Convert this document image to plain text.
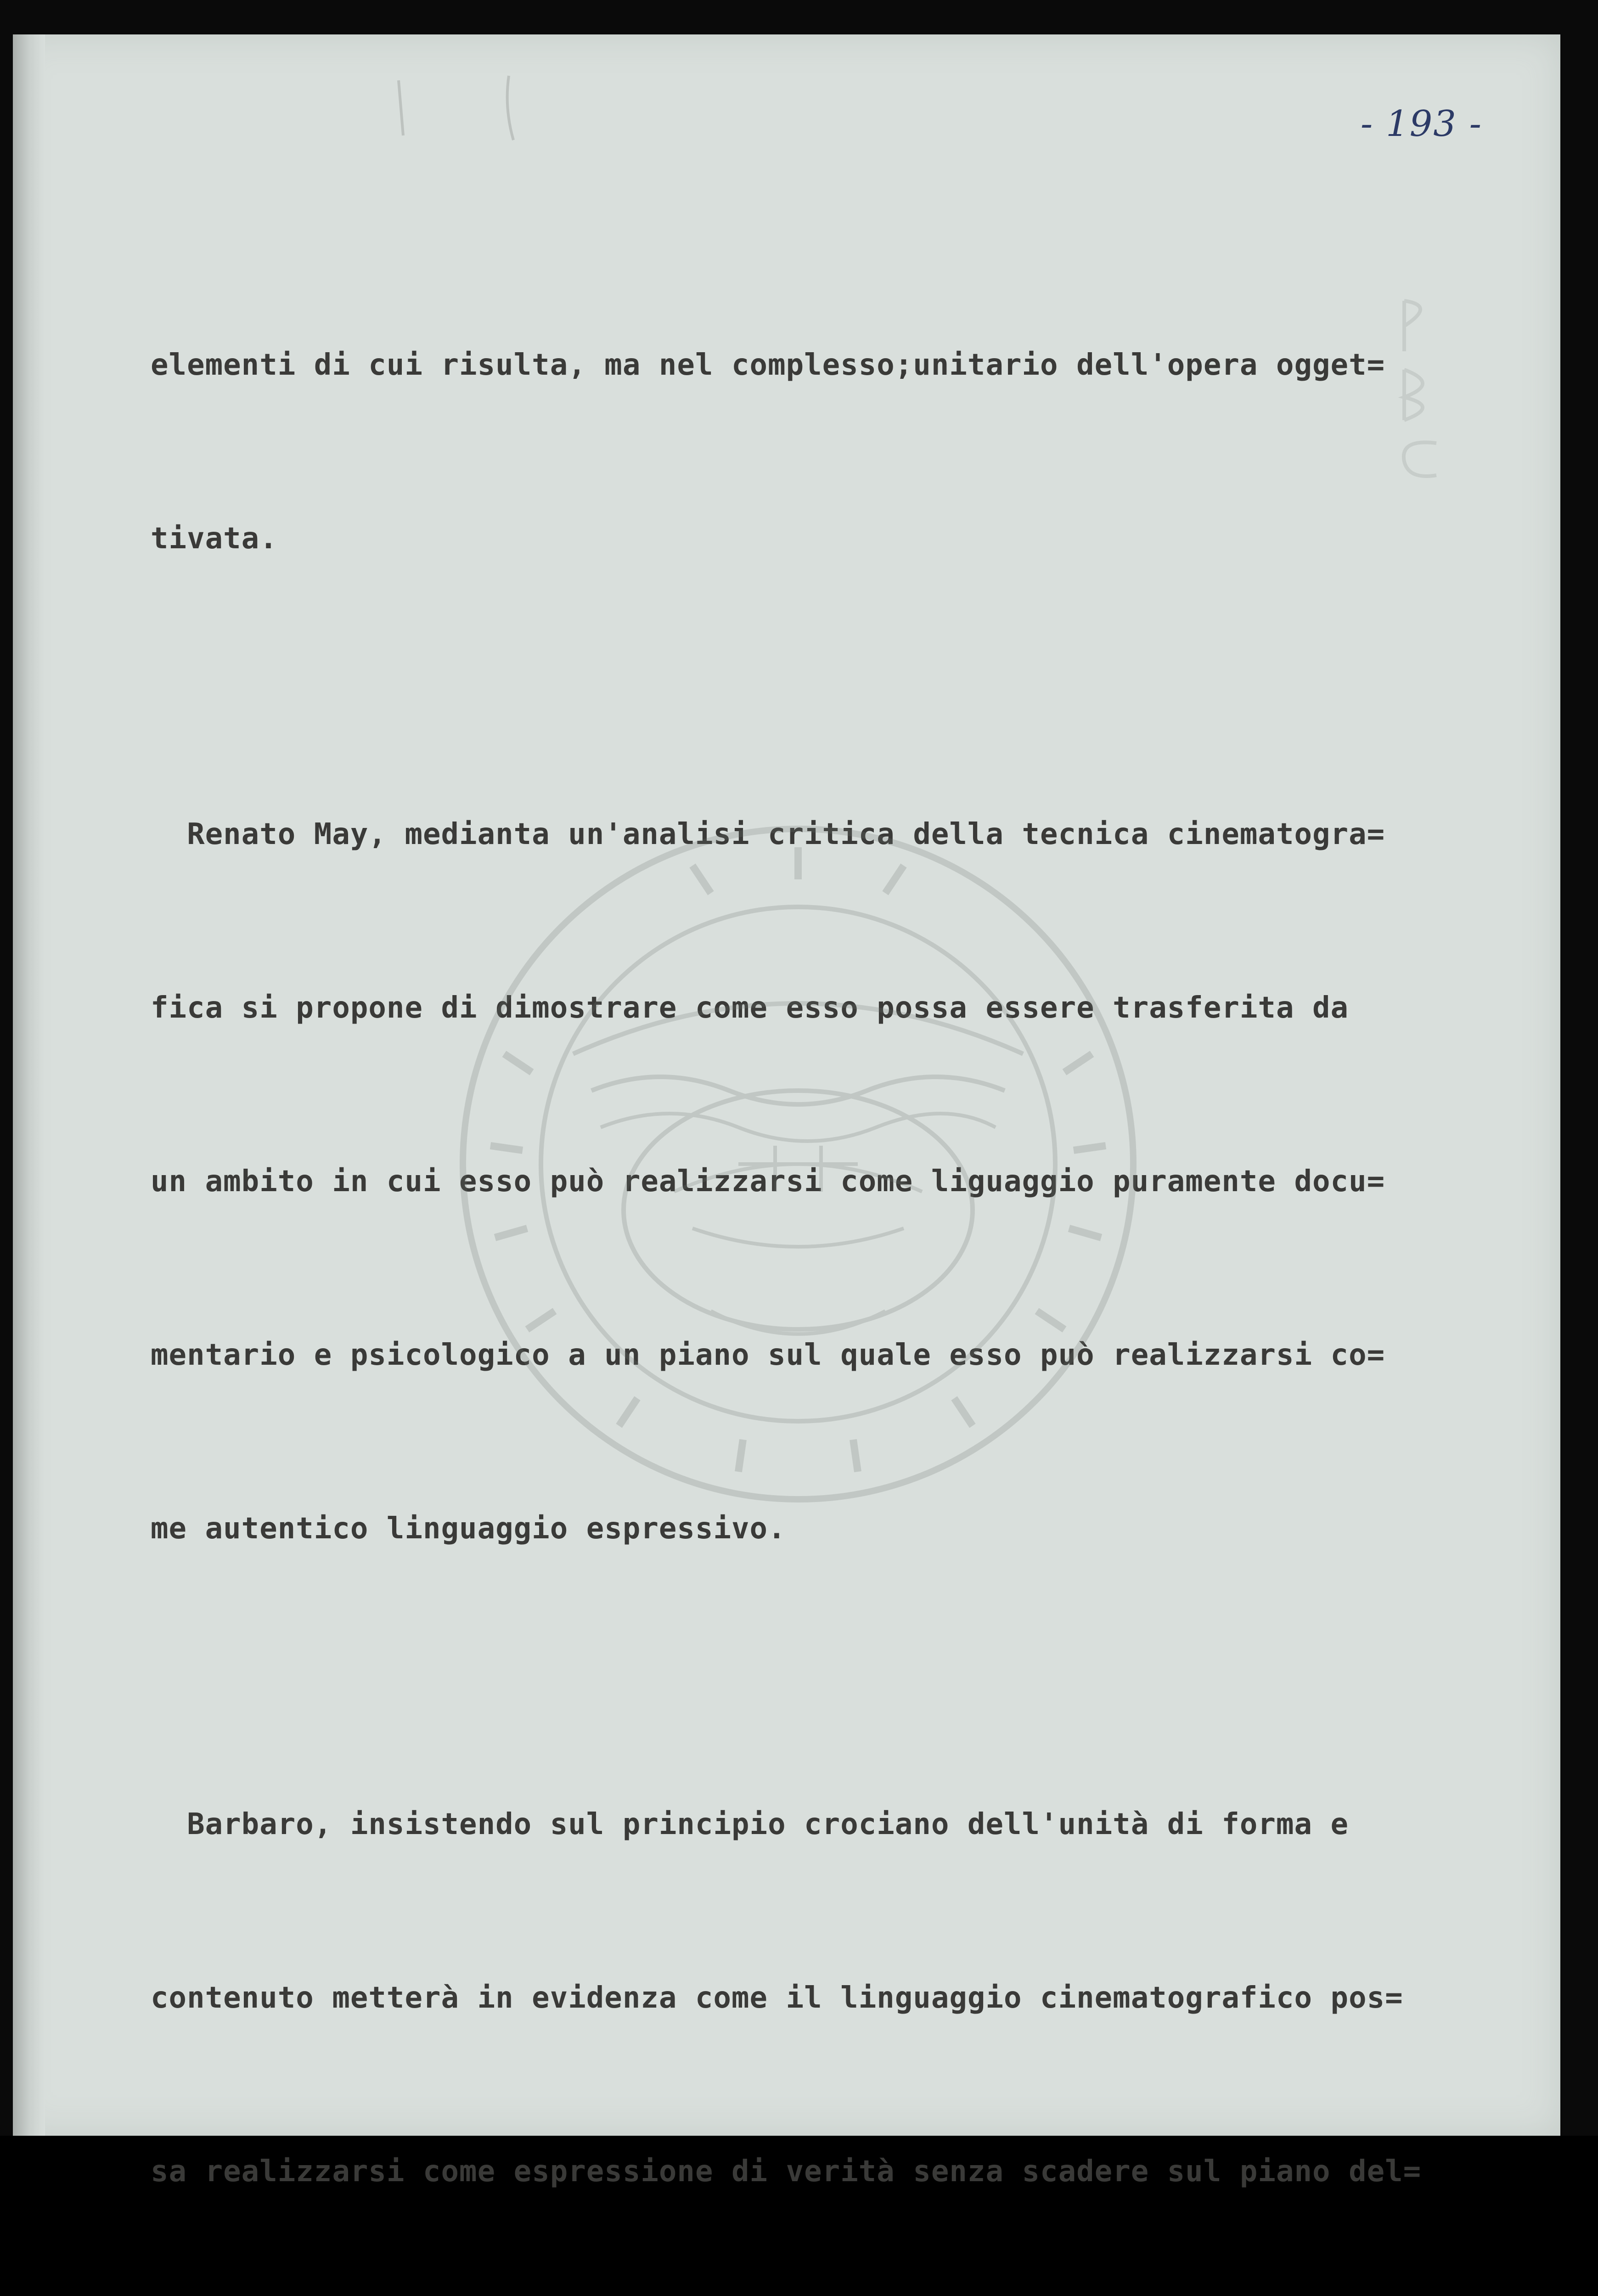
- 193 -

elementi di cui risulta, ma nel complesso;unitario dell'opera ogget=

tivata.

Renato May, medianta un'analisi critica della tecnica cinematogra=

fica si propone di dimostrare come esso possa essere trasferita da

un ambito in cui esso può realizzarsi come liguaggio puramente docu=

mentario e psicologico a un piano sul quale esso può realizzarsi co=

me autentico linguaggio espressivo.

Barbaro, insistendo sul principio crociano dell'unità di forma e

contenuto metterà in evidenza come il linguaggio cinematografico pos=

sa realizzarsi come espressione di verità senza scadere sul piano del=
